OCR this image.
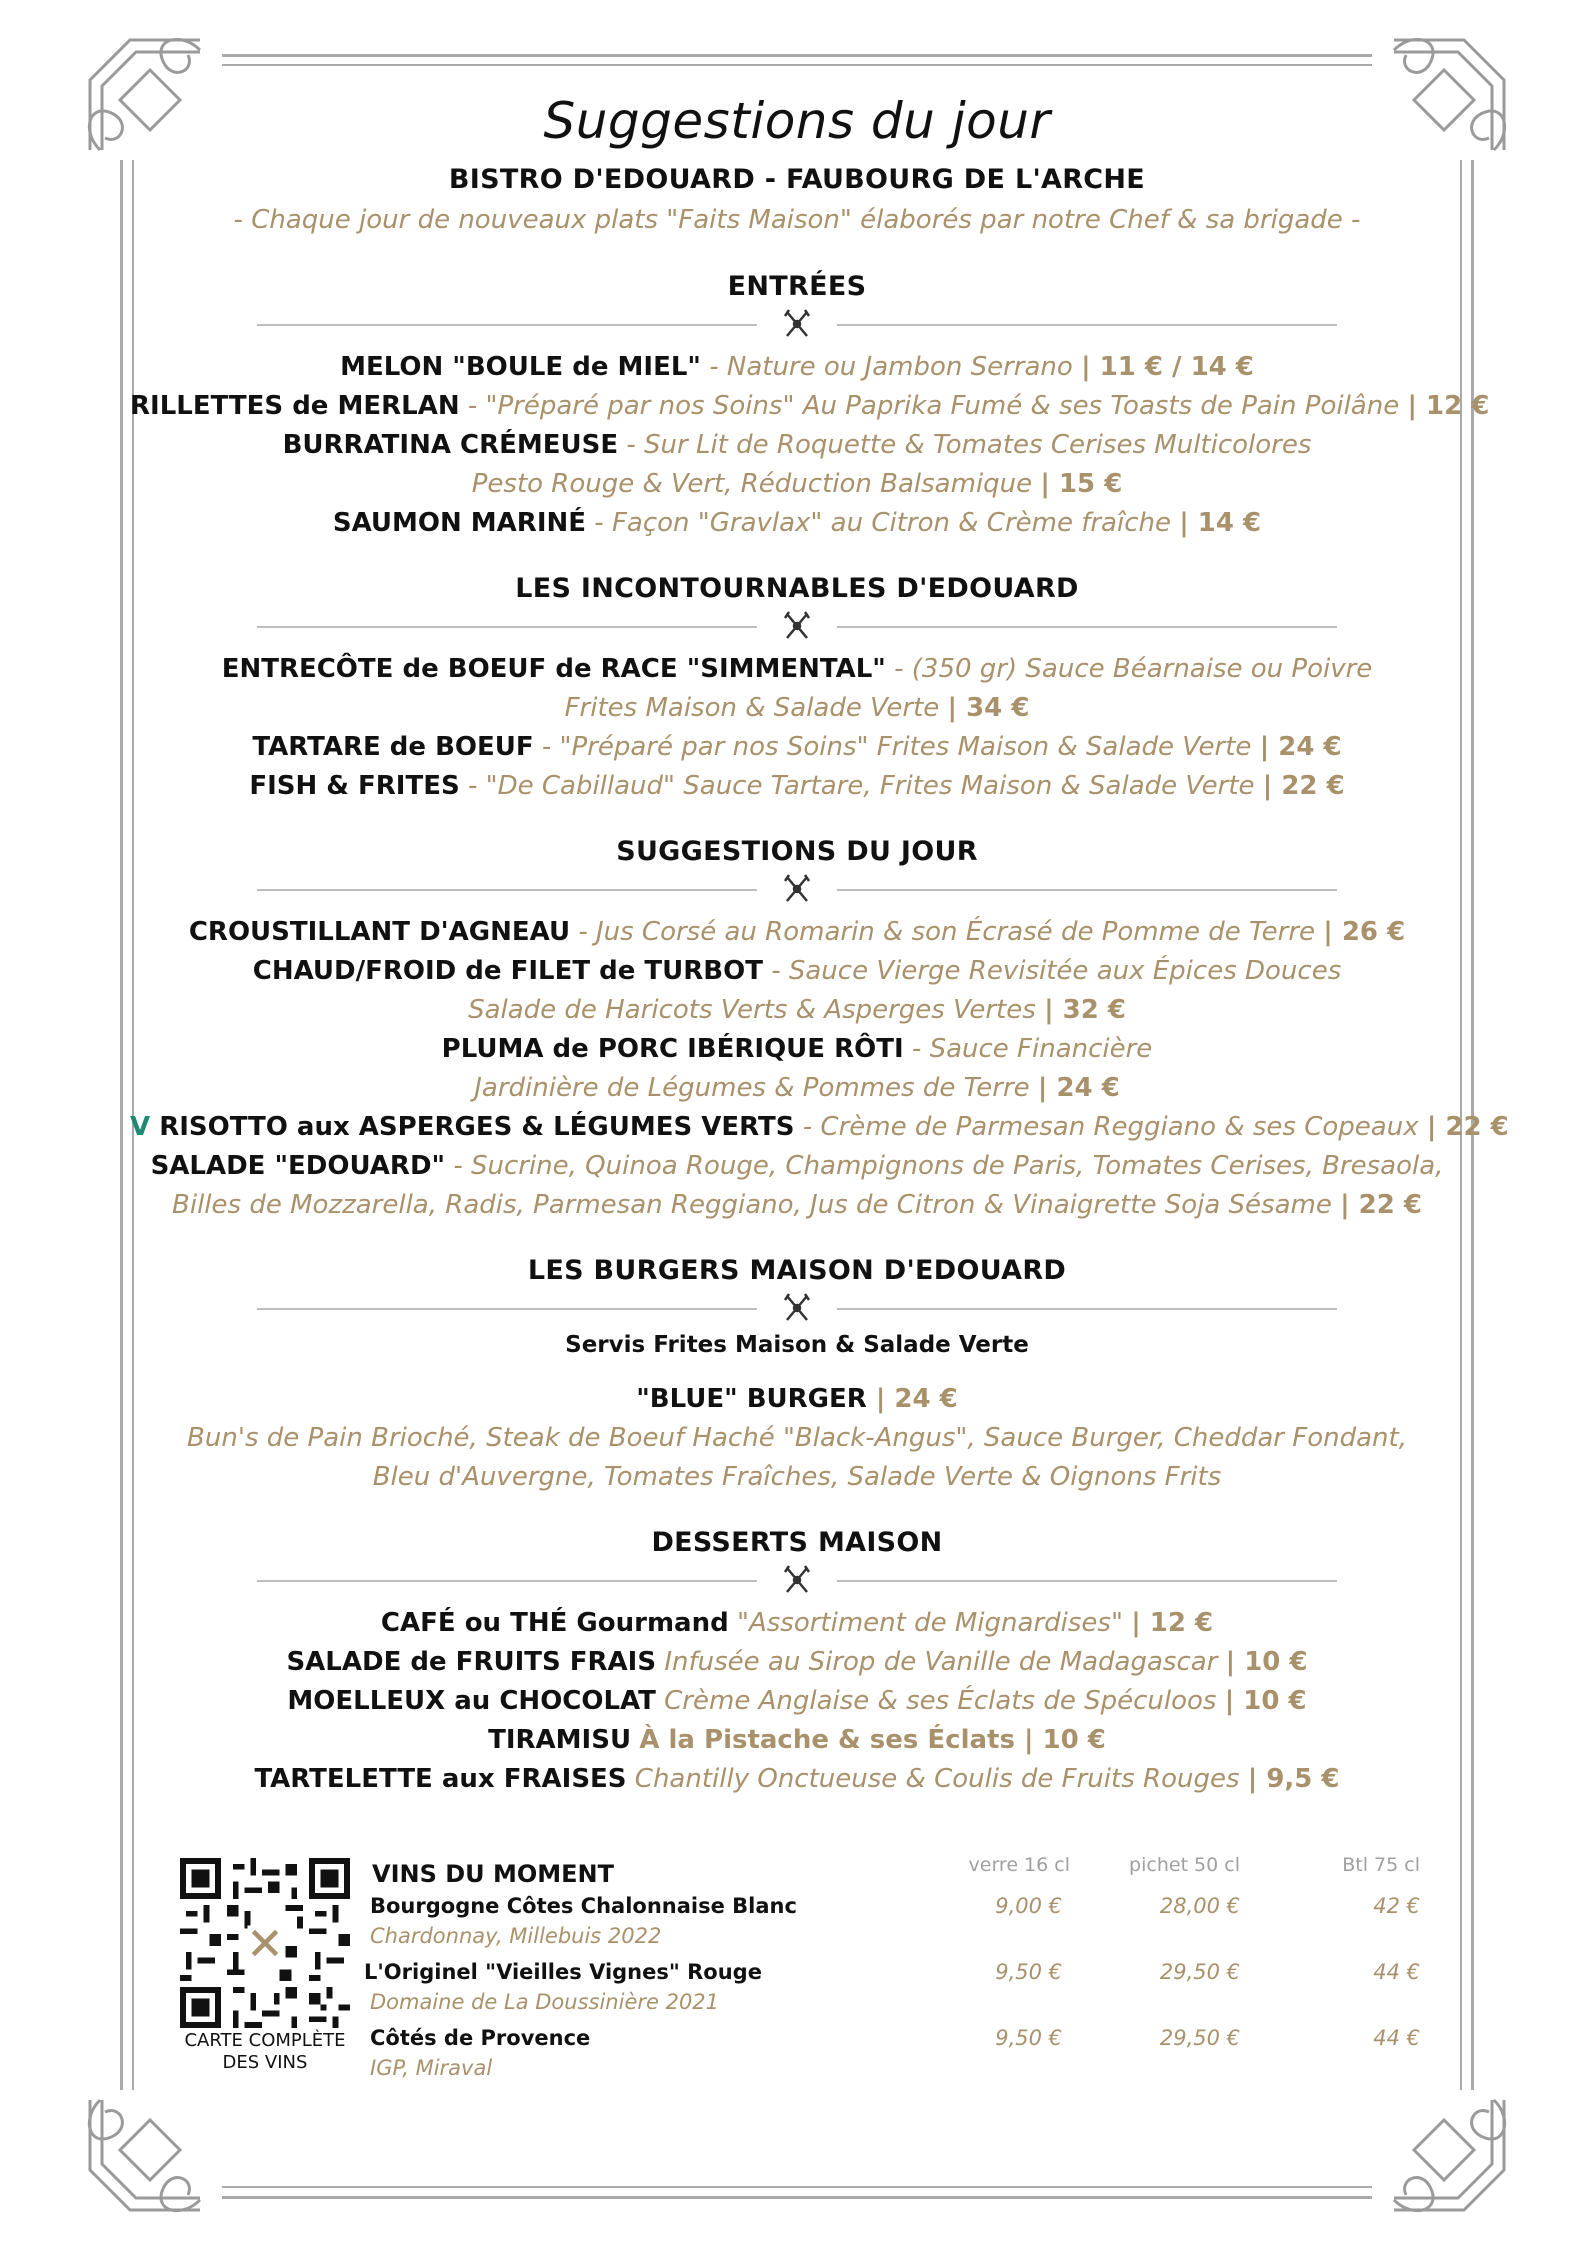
Suggestions du jour
BISTRO D'EDOUARD - FAUBOURG DE L'ARCHE
- Chaque jour de nouveaux plats "Faits Maison" élaborés par notre Chef & sa brigade -
ENTRÉES
MELON "BOULE de MIEL" - Nature ou Jambon Serrano | 11 € / 14 €
RILLETTES de MERLAN - "Préparé par nos Soins" Au Paprika Fumé & ses Toasts de Pain Poilâne | 12 €
BURRATINA CRÉMEUSE - Sur Lit de Roquette & Tomates Cerises Multicolores
Pesto Rouge & Vert, Réduction Balsamique | 15 €
SAUMON MARINÉ - Façon "Gravlax" au Citron & Crème fraîche | 14 €
LES INCONTOURNABLES D'EDOUARD
ENTRECÔTE de BOEUF de RACE "SIMMENTAL" - (350 gr) Sauce Béarnaise ou Poivre
Frites Maison & Salade Verte | 34 €
TARTARE de BOEUF - "Préparé par nos Soins" Frites Maison & Salade Verte | 24 €
FISH & FRITES - "De Cabillaud" Sauce Tartare, Frites Maison & Salade Verte | 22 €
SUGGESTIONS DU JOUR
CROUSTILLANT D'AGNEAU - Jus Corsé au Romarin & son Écrasé de Pomme de Terre | 26 €
CHAUD/FROID de FILET de TURBOT - Sauce Vierge Revisitée aux Épices Douces
Salade de Haricots Verts & Asperges Vertes | 32 €
PLUMA de PORC IBÉRIQUE RÔTI - Sauce Financière
Jardinière de Légumes & Pommes de Terre | 24 €
V RISOTTO aux ASPERGES & LÉGUMES VERTS - Crème de Parmesan Reggiano & ses Copeaux | 22 €
SALADE "EDOUARD" - Sucrine, Quinoa Rouge, Champignons de Paris, Tomates Cerises, Bresaola,
Billes de Mozzarella, Radis, Parmesan Reggiano, Jus de Citron & Vinaigrette Soja Sésame | 22 €
LES BURGERS MAISON D'EDOUARD
Servis Frites Maison & Salade Verte
"BLUE" BURGER | 24 €
Bun's de Pain Brioché, Steak de Boeuf Haché "Black-Angus", Sauce Burger, Cheddar Fondant,
Bleu d'Auvergne, Tomates Fraîches, Salade Verte & Oignons Frits
DESSERTS MAISON
CAFÉ ou THÉ Gourmand "Assortiment de Mignardises" | 12 €
SALADE de FRUITS FRAIS Infusée au Sirop de Vanille de Madagascar | 10 €
MOELLEUX au CHOCOLAT Crème Anglaise & ses Éclats de Spéculoos | 10 €
TIRAMISU À la Pistache & ses Éclats | 10 €
TARTELETTE aux FRAISES Chantilly Onctueuse & Coulis de Fruits Rouges | 9,5 €
CARTE COMPLÈTE
DES VINS
VINS DU MOMENT	verre 16 cl	pichet 50 cl	Btl 75 cl
Bourgogne Côtes Chalonnaise Blanc
Chardonnay, Millebuis 2022
9,00 €	28,00 €	42 €
L'Originel "Vieilles Vignes" Rouge
Domaine de La Doussinière 2021
9,50 €	29,50 €	44 €
Côtés de Provence
IGP, Miraval
9,50 €	29,50 €	44 €
